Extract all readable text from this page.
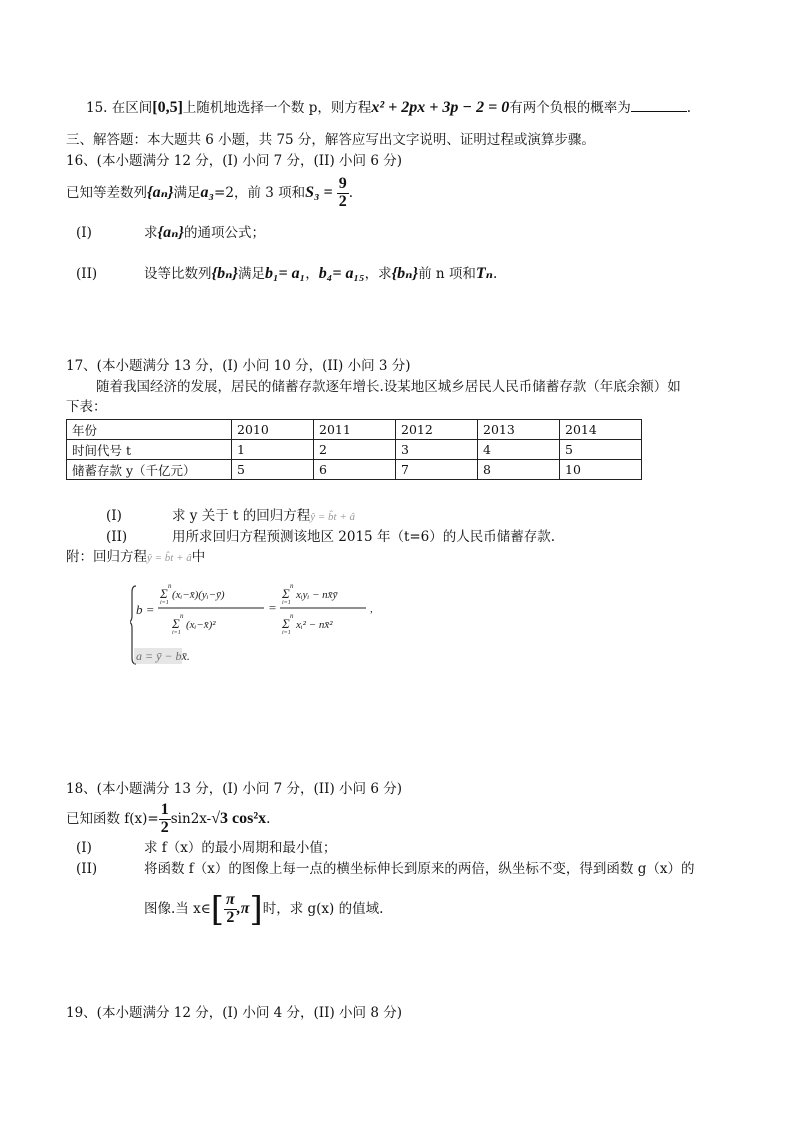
15. 在区间[0,5]上随机地选择一个数 p，则方程x² + 2px + 3p − 2 = 0有两个负根的概率为	.
三、解答题：本大题共 6 小题，共 75 分，解答应写出文字说明、证明过程或演算步骤。
16、(本小题满分 12 分，(I) 小问 7 分，(II) 小问 6 分)
已知等差数列{aₙ}满足a₃=2，前 3 项和$S_3 = \frac{9}{2}$ .
(I)	求{aₙ}的通项公式；
(II)	设等比数列{bₙ}满足b₁= a₁，b₄= a₁₅，求{bₙ}前 n 项和Tₙ.
17、(本小题满分 13 分，(I) 小问 10 分，(II) 小问 3 分)
随着我国经济的发展，居民的储蓄存款逐年增长.设某地区城乡居民人民币储蓄存款（年底余额）如
下表：
年份	2010	2011	2012	2013	2014
时间代号 t	1	2	3	4	5
储蓄存款 y（千亿元）	5	6	7	8	10
(I)	求 y 关于 t 的回归方程ŷ = b̂t + â
(II)	用所求回归方程预测该地区 2015 年（t=6）的人民币储蓄存款.
附：回归方程ŷ = b̂t + â中
b =
n
Σ
i=1
(xᵢ−x̄)(yᵢ−ȳ)
n
Σ
i=1
(xᵢ−x̄)²
=
n
Σ
i=1
xᵢyᵢ − nx̄ȳ
n
Σ
i=1
xᵢ² − nx̄²
,
a = ȳ − bx̄.
18、(本小题满分 13 分，(I) 小问 7 分，(II) 小问 6 分)
已知函数 $f(x)= \frac{1}{2} \sin 2x-√3$ cos²x.
(I)	求 f（x）的最小周期和最小值；
(II)	将函数 f（x）的图像上每一点的横坐标伸长到原来的两倍，纵坐标不变，得到函数 g（x）的
图像.当 x∈[ $\frac{\pi}{2} ,\pi$]时，求 g(x) 的值域.
19、(本小题满分 12 分，(I) 小问 4 分，(II) 小问 8 分)
